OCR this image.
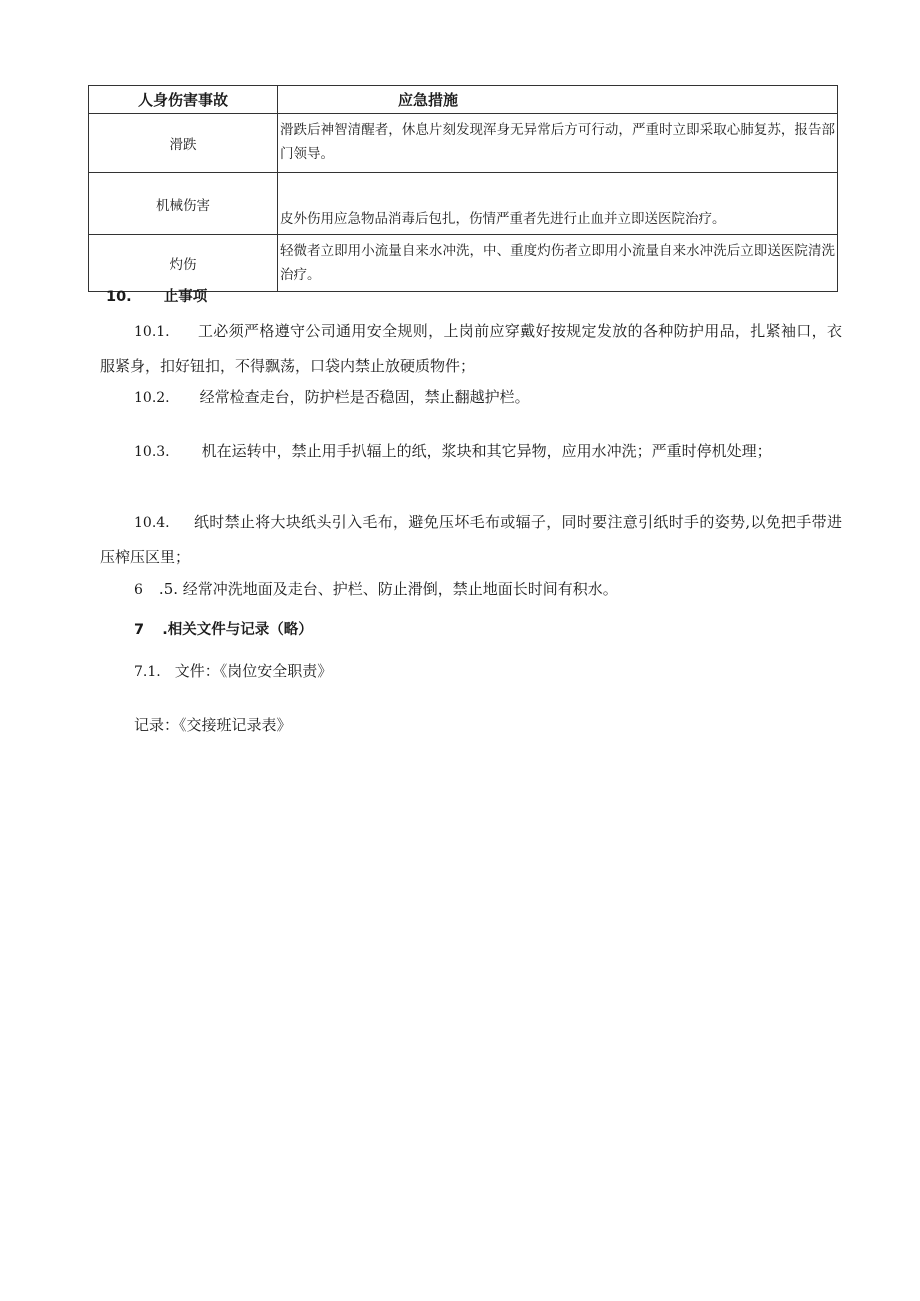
人身伤害事故	应急措施
滑跌	滑跌后神智清醒者，休息片刻发现浑身无异常后方可行动，严重时立即采取心肺复苏，报告部门领导。
机械伤害	皮外伤用应急物品消毒后包扎，伤情严重者先进行止血并立即送医院治疗。
灼伤	轻微者立即用小流量自来水冲洗，中、重度灼伤者立即用小流量自来水冲洗后立即送医院清洗治疗。
10. 止事项
10.1. 工必须严格遵守公司通用安全规则，上岗前应穿戴好按规定发放的各种防护用品，扎紧袖口，衣服紧身，扣好钮扣，不得飘荡，口袋内禁止放硬质物件；
10.2. 经常检查走台，防护栏是否稳固，禁止翻越护栏。
10.3. 机在运转中，禁止用手扒辐上的纸，浆块和其它异物，应用水冲洗；严重时停机处理；
10.4. 纸时禁止将大块纸头引入毛布，避免压坏毛布或辐子，同时要注意引纸时手的姿势,以免把手带进压榨压区里；
6 .5. 经常冲洗地面及走台、护栏、防止滑倒，禁止地面长时间有积水。
7 .相关文件与记录（略）
7.1. 文件：《岗位安全职责》
记录：《交接班记录表》
